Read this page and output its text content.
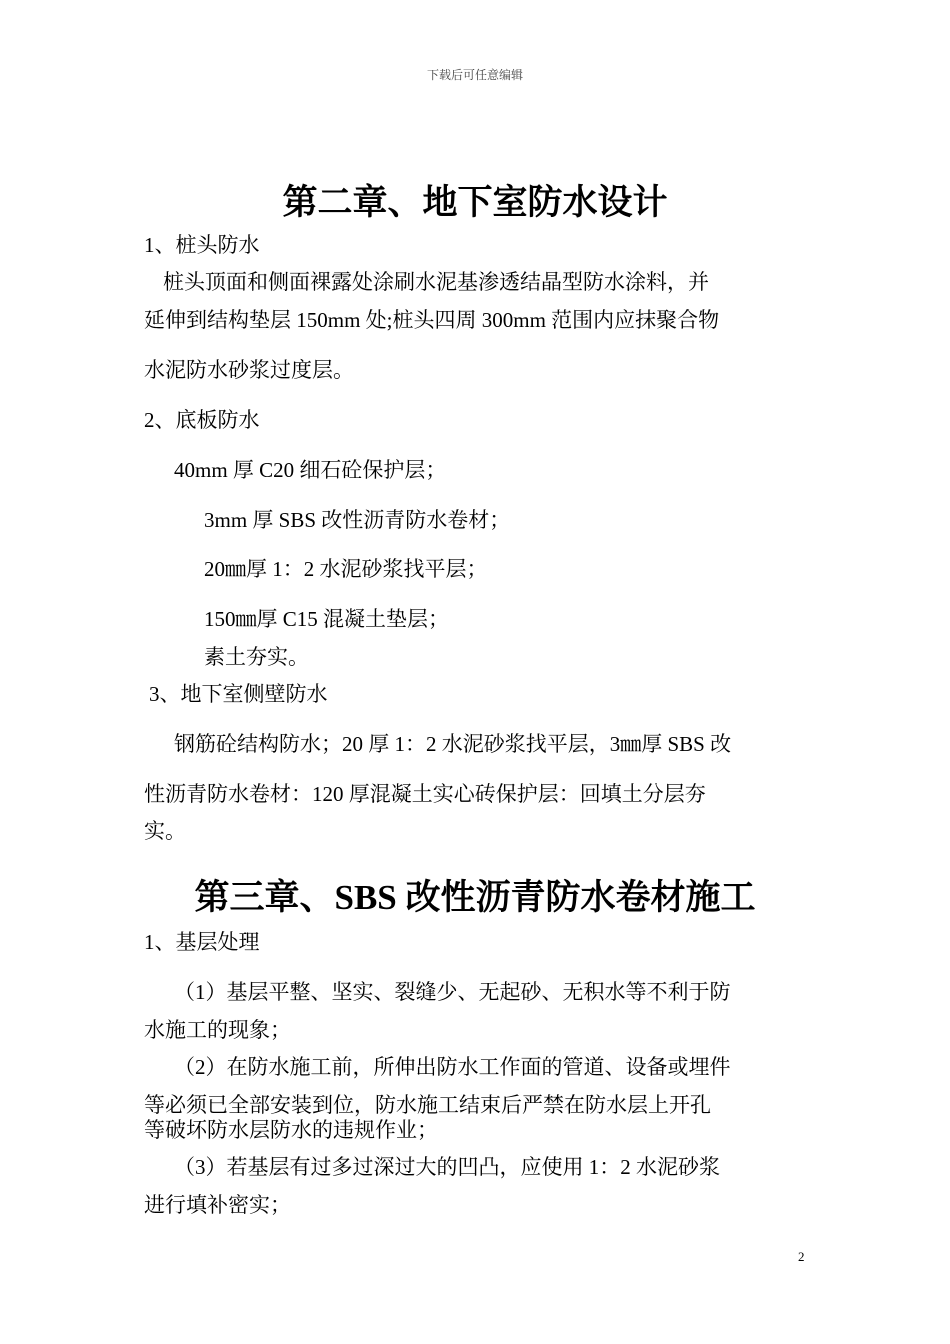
下载后可任意编辑
第二章、地下室防水设计
1、桩头防水
桩头顶面和侧面裸露处涂刷水泥基渗透结晶型防水涂料，并
延伸到结构垫层 150mm 处;桩头四周 300mm 范围内应抹聚合物
水泥防水砂浆过度层。
2、底板防水
40mm 厚 C20 细石砼保护层；
3mm 厚 SBS 改性沥青防水卷材；
20㎜厚 1：2 水泥砂浆找平层；
150㎜厚 C15 混凝土垫层；
素土夯实。
3、地下室侧壁防水
钢筋砼结构防水；20 厚 1：2 水泥砂浆找平层，3㎜厚 SBS 改
性沥青防水卷材：120 厚混凝土实心砖保护层：回填土分层夯
实。
第三章、SBS 改性沥青防水卷材施工
1、基层处理
（1）基层平整、坚实、裂缝少、无起砂、无积水等不利于防
水施工的现象；
（2）在防水施工前，所伸出防水工作面的管道、设备或埋件
等必须已全部安装到位，防水施工结束后严禁在防水层上开孔
等破坏防水层防水的违规作业；
（3）若基层有过多过深过大的凹凸，应使用 1：2 水泥砂浆
进行填补密实；
2
